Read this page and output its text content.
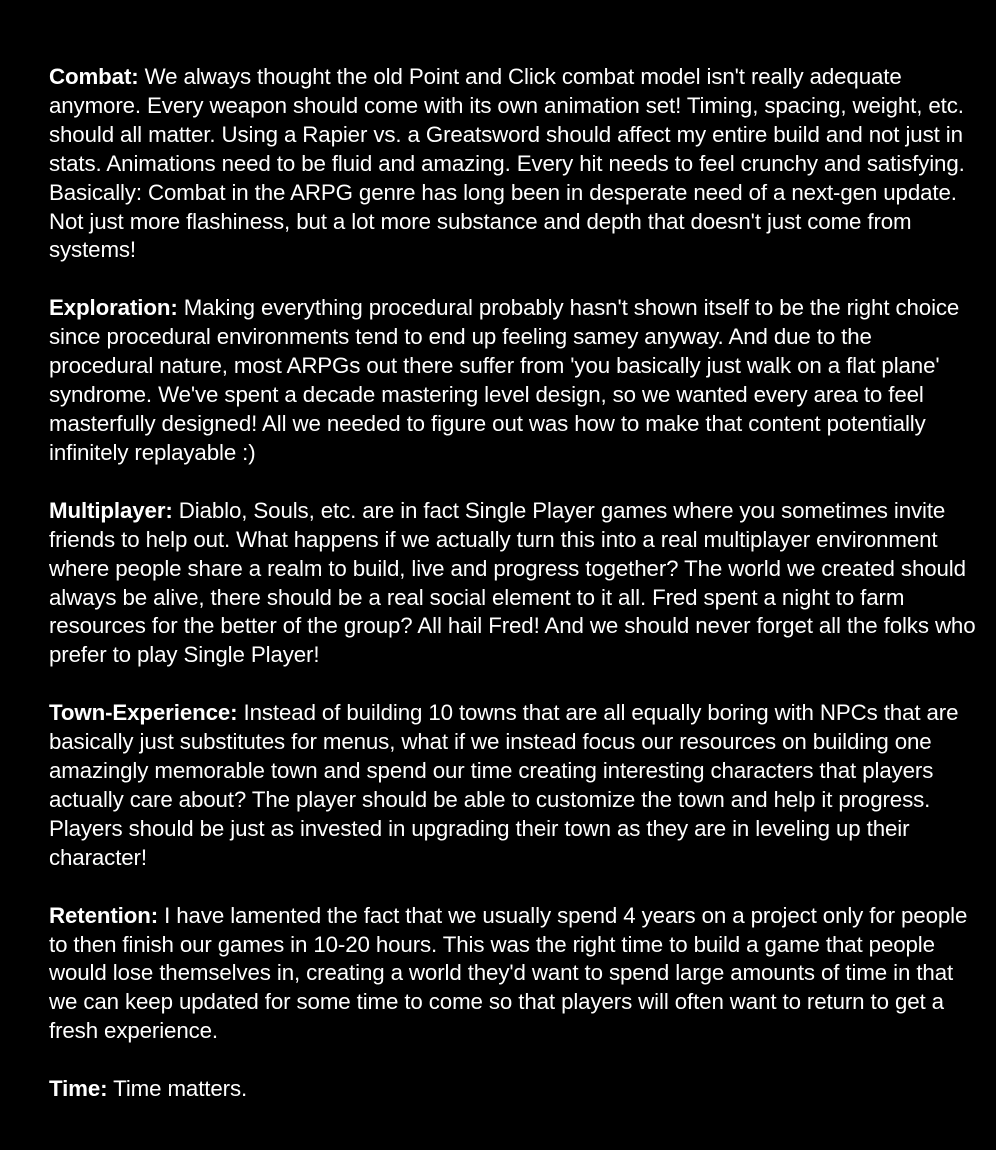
Combat: We always thought the old Point and Click combat model isn't really adequate anymore. Every weapon should come with its own animation set! Timing, spacing, weight, etc. should all matter. Using a Rapier vs. a Greatsword should affect my entire build and not just in stats. Animations need to be fluid and amazing. Every hit needs to feel crunchy and satisfying. Basically: Combat in the ARPG genre has long been in desperate need of a next-gen update. Not just more flashiness, but a lot more substance and depth that doesn't just come from systems!

Exploration: Making everything procedural probably hasn't shown itself to be the right choice since procedural environments tend to end up feeling samey anyway. And due to the procedural nature, most ARPGs out there suffer from 'you basically just walk on a flat plane' syndrome. We've spent a decade mastering level design, so we wanted every area to feel masterfully designed! All we needed to figure out was how to make that content potentially infinitely replayable :)

Multiplayer: Diablo, Souls, etc. are in fact Single Player games where you sometimes invite friends to help out. What happens if we actually turn this into a real multiplayer environment where people share a realm to build, live and progress together? The world we created should always be alive, there should be a real social element to it all. Fred spent a night to farm resources for the better of the group? All hail Fred! And we should never forget all the folks who prefer to play Single Player!

Town-Experience: Instead of building 10 towns that are all equally boring with NPCs that are basically just substitutes for menus, what if we instead focus our resources on building one amazingly memorable town and spend our time creating interesting characters that players actually care about? The player should be able to customize the town and help it progress. Players should be just as invested in upgrading their town as they are in leveling up their character!

Retention: I have lamented the fact that we usually spend 4 years on a project only for people to then finish our games in 10-20 hours. This was the right time to build a game that people would lose themselves in, creating a world they'd want to spend large amounts of time in that we can keep updated for some time to come so that players will often want to return to get a fresh experience.

Time: Time matters.
